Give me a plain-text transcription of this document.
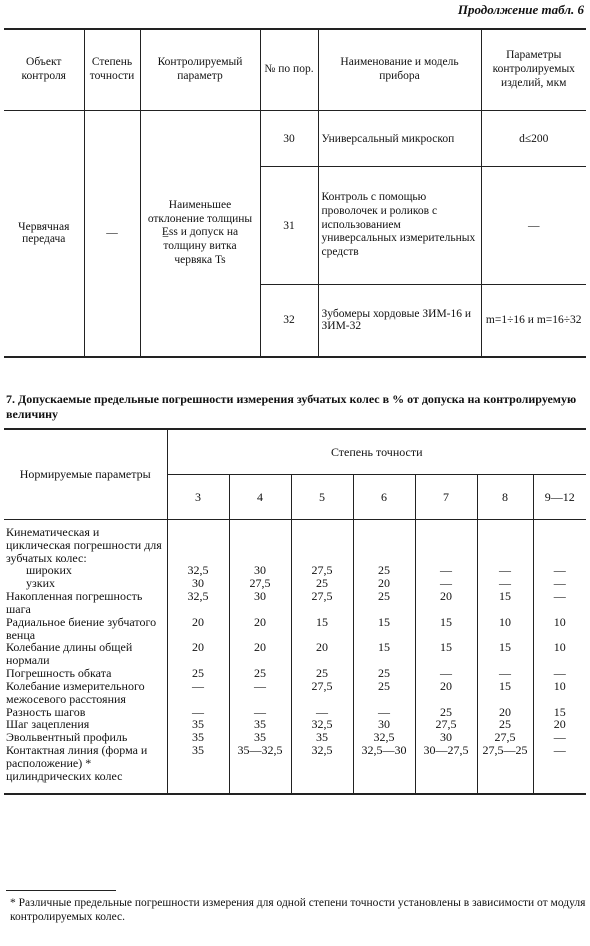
Продолжение табл. 6
Объект контроля	Степень точности	Контролируемый параметр	№ по пор.	Наименование и модель прибора	Параметры контролируемых изделий, мкм
Червячная передача	—	Наименьшее отклонение толщины E̲ss и допуск на толщину витка червяка Ts	30	Универсальный микроскоп	d≤200
			31	Контроль с помощью проволочек и роликов с использованием универсальных измерительных средств	—
			32	Зубомеры хордовые ЗИМ-16 и ЗИМ-32	m=1÷16 и m=16÷32
7. Допускаемые предельные погрешности измерения зубчатых колес в % от допуска на контролируемую величину
Нормируемые параметры	Степень точности						
	3	4	5	6	7	8	9—12

Кинематическая и циклическая погрешности для зубчатых колес:							
широких	32,5	30	27,5	25	—	—	—
узких	30	27,5	25	20	—	—	—
Накопленная погрешность шага	32,5	30	27,5	25	20	15	—
Радиальное биение зубчатого венца	20	20	15	15	15	10	10
Колебание длины общей нормали	20	20	20	15	15	15	10
Погрешность обката	25	25	25	25	—	—	—
Колебание измерительного межосевого расстояния	—	—	27,5	25	20	15	10
Разность шагов	—	—	—	—	25	20	15
Шаг зацепления	35	35	32,5	30	27,5	25	20
Эвольвентный профиль	35	35	35	32,5	30	27,5	—
Контактная линия (форма и расположение) * цилиндрических колес	35	35—32,5	32,5	32,5—30	30—27,5	27,5—25	—

* Различные предельные погрешности измерения для одной степени точности установлены в зависимости от модуля контролируемых колес.
